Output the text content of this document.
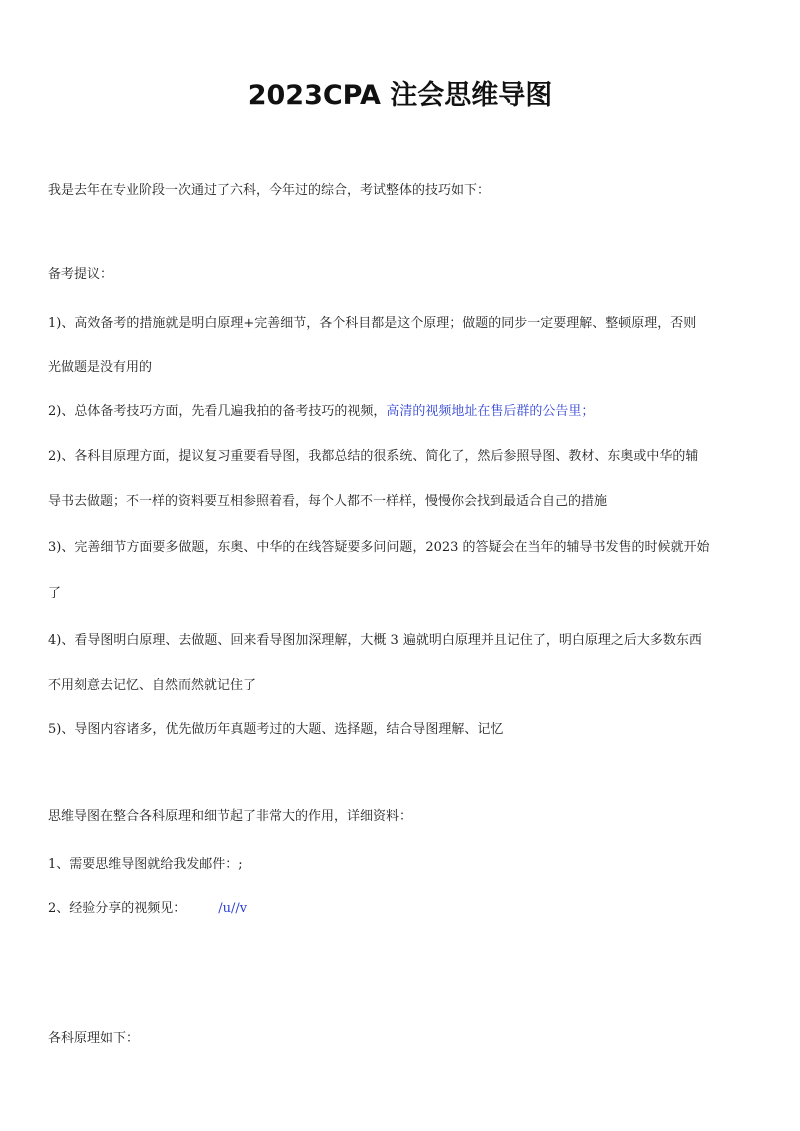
2023CPA 注会思维导图
我是去年在专业阶段一次通过了六科，今年过的综合，考试整体的技巧如下：
备考提议：
1)、高效备考的措施就是明白原理+完善细节，各个科目都是这个原理；做题的同步一定要理解、整顿原理，否则
光做题是没有用的
2)、总体备考技巧方面，先看几遍我拍的备考技巧的视频，高清的视频地址在售后群的公告里；
2)、各科目原理方面，提议复习重要看导图，我都总结的很系统、简化了，然后参照导图、教材、东奥或中华的辅
导书去做题；不一样的资料要互相参照着看，每个人都不一样样，慢慢你会找到最适合自己的措施
3)、完善细节方面要多做题，东奥、中华的在线答疑要多问问题，2023 的答疑会在当年的辅导书发售的时候就开始
了
4)、看导图明白原理、去做题、回来看导图加深理解，大概 3 遍就明白原理并且记住了，明白原理之后大多数东西
不用刻意去记忆、自然而然就记住了
5)、导图内容诸多，优先做历年真题考过的大题、选择题，结合导图理解、记忆
思维导图在整合各科原理和细节起了非常大的作用，详细资料：
1、需要思维导图就给我发邮件：;
2、经验分享的视频见： /u//v
各科原理如下：
